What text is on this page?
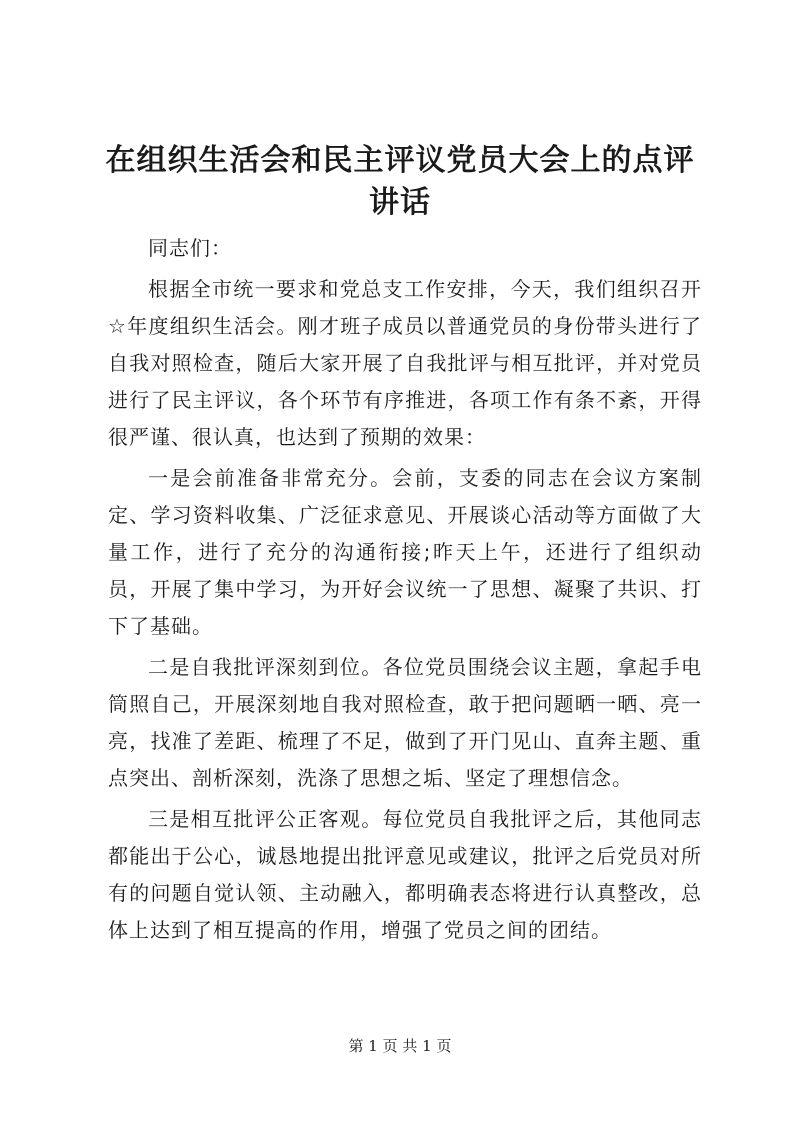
在组织生活会和民主评议党员大会上的点评讲话

同志们：

根据全市统一要求和党总支工作安排，今天，我们组织召开☆年度组织生活会。刚才班子成员以普通党员的身份带头进行了自我对照检查，随后大家开展了自我批评与相互批评，并对党员进行了民主评议，各个环节有序推进，各项工作有条不紊，开得很严谨、很认真，也达到了预期的效果：

一是会前准备非常充分。会前，支委的同志在会议方案制定、学习资料收集、广泛征求意见、开展谈心活动等方面做了大量工作，进行了充分的沟通衔接;昨天上午，还进行了组织动员，开展了集中学习，为开好会议统一了思想、凝聚了共识、打下了基础。

二是自我批评深刻到位。各位党员围绕会议主题，拿起手电筒照自己，开展深刻地自我对照检查，敢于把问题晒一晒、亮一亮，找准了差距、梳理了不足，做到了开门见山、直奔主题、重点突出、剖析深刻，洗涤了思想之垢、坚定了理想信念。

三是相互批评公正客观。每位党员自我批评之后，其他同志都能出于公心，诚恳地提出批评意见或建议，批评之后党员对所有的问题自觉认领、主动融入，都明确表态将进行认真整改，总体上达到了相互提高的作用，增强了党员之间的团结。

第 1 页 共 1 页
